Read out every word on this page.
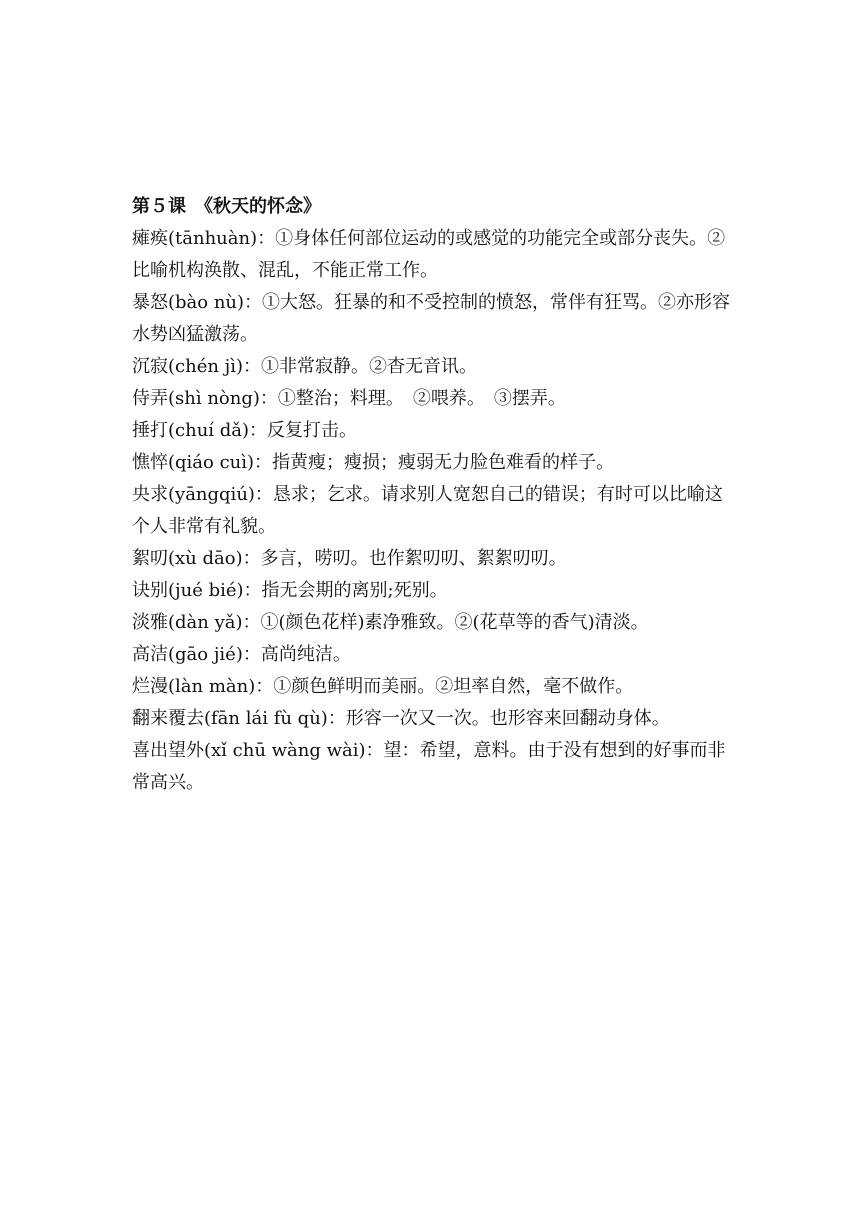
第５课　《秋天的怀念》

瘫痪(tānhuàn)：①身体任何部位运动的或感觉的功能完全或部分丧失。②比喻机构涣散、混乱，不能正常工作。
暴怒(bào nù)：①大怒。狂暴的和不受控制的愤怒，常伴有狂骂。②亦形容水势凶猛激荡。
沉寂(chén jì)：①非常寂静。②杳无音讯。
侍弄(shì nòng)：①整治；料理。　②喂养。　③摆弄。
捶打(chuí dǎ)：反复打击。
憔悴(qiáo cuì)：指黄瘦；瘦损；瘦弱无力脸色难看的样子。
央求(yāngqiú)：恳求；乞求。请求别人宽恕自己的错误；有时可以比喻这个人非常有礼貌。
絮叨(xù dāo)：多言，唠叨。也作絮叨叨、絮絮叨叨。
诀别(jué bié)：指无会期的离别;死别。
淡雅(dàn yǎ)：①(颜色花样)素净雅致。②(花草等的香气)清淡。
高洁(gāo jié)：高尚纯洁。
烂漫(làn màn)：①颜色鲜明而美丽。②坦率自然，毫不做作。
翻来覆去(fān lái fù qù)：形容一次又一次。也形容来回翻动身体。
喜出望外(xǐ chū wàng wài)：望：希望，意料。由于没有想到的好事而非常高兴。
